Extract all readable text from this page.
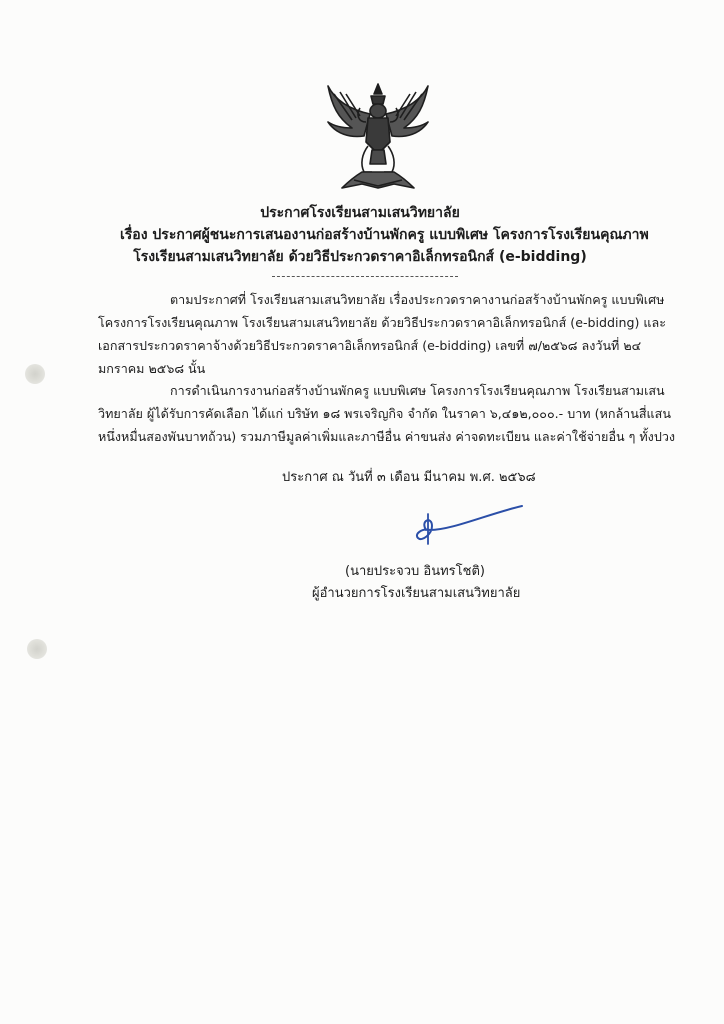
ประกาศโรงเรียนสามเสนวิทยาลัย
เรื่อง ประกาศผู้ชนะการเสนองานก่อสร้างบ้านพักครู แบบพิเศษ โครงการโรงเรียนคุณภาพ
โรงเรียนสามเสนวิทยาลัย ด้วยวิธีประกวดราคาอิเล็กทรอนิกส์ (e-bidding)
ตามประกาศที่ โรงเรียนสามเสนวิทยาลัย เรื่องประกวดราคางานก่อสร้างบ้านพักครู แบบพิเศษ
โครงการโรงเรียนคุณภาพ โรงเรียนสามเสนวิทยาลัย ด้วยวิธีประกวดราคาอิเล็กทรอนิกส์ (e-bidding) และ
เอกสารประกวดราคาจ้างด้วยวิธีประกวดราคาอิเล็กทรอนิกส์ (e-bidding) เลขที่ ๗/๒๕๖๘ ลงวันที่ ๒๔
มกราคม ๒๕๖๘ นั้น
การดำเนินการงานก่อสร้างบ้านพักครู แบบพิเศษ โครงการโรงเรียนคุณภาพ โรงเรียนสามเสน
วิทยาลัย ผู้ได้รับการคัดเลือก ได้แก่ บริษัท ๑๘ พรเจริญกิจ จำกัด ในราคา ๖,๔๑๒,๐๐๐.- บาท (หกล้านสี่แสน
หนึ่งหมื่นสองพันบาทถ้วน) รวมภาษีมูลค่าเพิ่มและภาษีอื่น ค่าขนส่ง ค่าจดทะเบียน และค่าใช้จ่ายอื่น ๆ ทั้งปวง
ประกาศ ณ วันที่ ๓ เดือน มีนาคม พ.ศ. ๒๕๖๘
(นายประจวบ อินทรโชติ)
ผู้อำนวยการโรงเรียนสามเสนวิทยาลัย
